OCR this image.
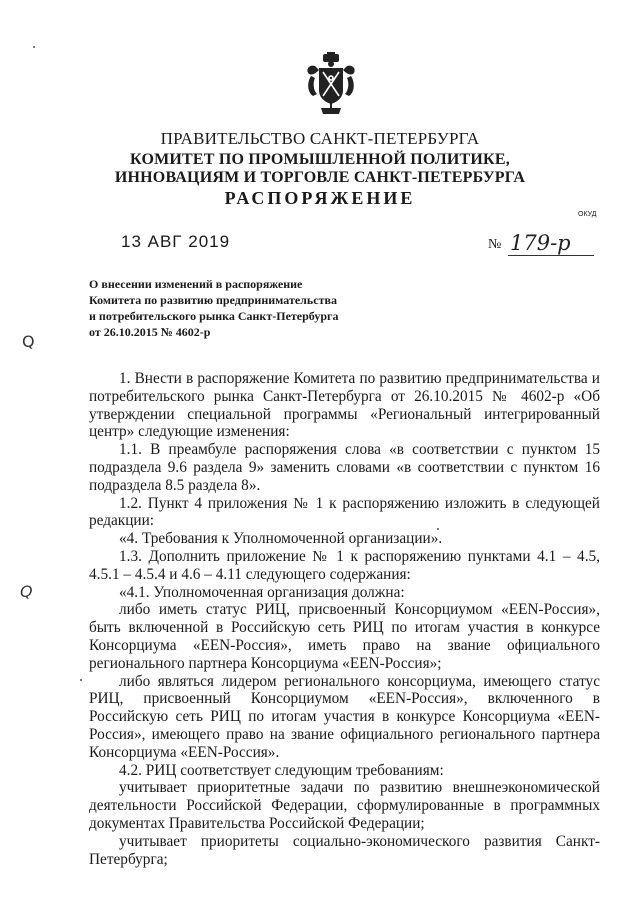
ПРАВИТЕЛЬСТВО САНКТ-ПЕТЕРБУРГА
КОМИТЕТ ПО ПРОМЫШЛЕННОЙ ПОЛИТИКЕ,
ИННОВАЦИЯМ И ТОРГОВЛЕ САНКТ-ПЕТЕРБУРГА
РАСПОРЯЖЕНИЕ
ОКУД
13 АВГ 2019	№ 179-р
О внесении изменений в распоряжение
Комитета по развитию предпринимательства
и потребительского рынка Санкт-Петербурга
от 26.10.2015 № 4602-р
Q
Q

1. Внести в распоряжение Комитета по развитию предпринимательства и потребительского рынка Санкт-Петербурга от 26.10.2015 № 4602-р «Об утверждении специальной программы «Региональный интегрированный центр» следующие изменения:

1.1. В преамбуле распоряжения слова «в соответствии с пунктом 15 подраздела 9.6 раздела 9» заменить словами «в соответствии с пунктом 16 подраздела 8.5 раздела 8».

1.2. Пункт 4 приложения № 1 к распоряжению изложить в следующей редакции:

«4. Требования к Уполномоченной организации».

1.3. Дополнить приложение № 1 к распоряжению пунктами 4.1 – 4.5, 4.5.1 – 4.5.4 и 4.6 – 4.11 следующего содержания:

«4.1. Уполномоченная организация должна:

либо иметь статус РИЦ, присвоенный Консорциумом «EEN-Россия», быть включенной в Российскую сеть РИЦ по итогам участия в конкурсе Консорциума «EEN-Россия», иметь право на звание официального регионального партнера Консорциума «EEN-Россия»;

либо являться лидером регионального консорциума, имеющего статус РИЦ, присвоенный Консорциумом «EEN-Россия», включенного в Российскую сеть РИЦ по итогам участия в конкурсе Консорциума «EEN-Россия», имеющего право на звание официального регионального партнера Консорциума «EEN-Россия».

4.2. РИЦ соответствует следующим требованиям:

учитывает приоритетные задачи по развитию внешнеэкономической деятельности Российской Федерации, сформулированные в программных документах Правительства Российской Федерации;

учитывает приоритеты социально-экономического развития Санкт-Петербурга;
